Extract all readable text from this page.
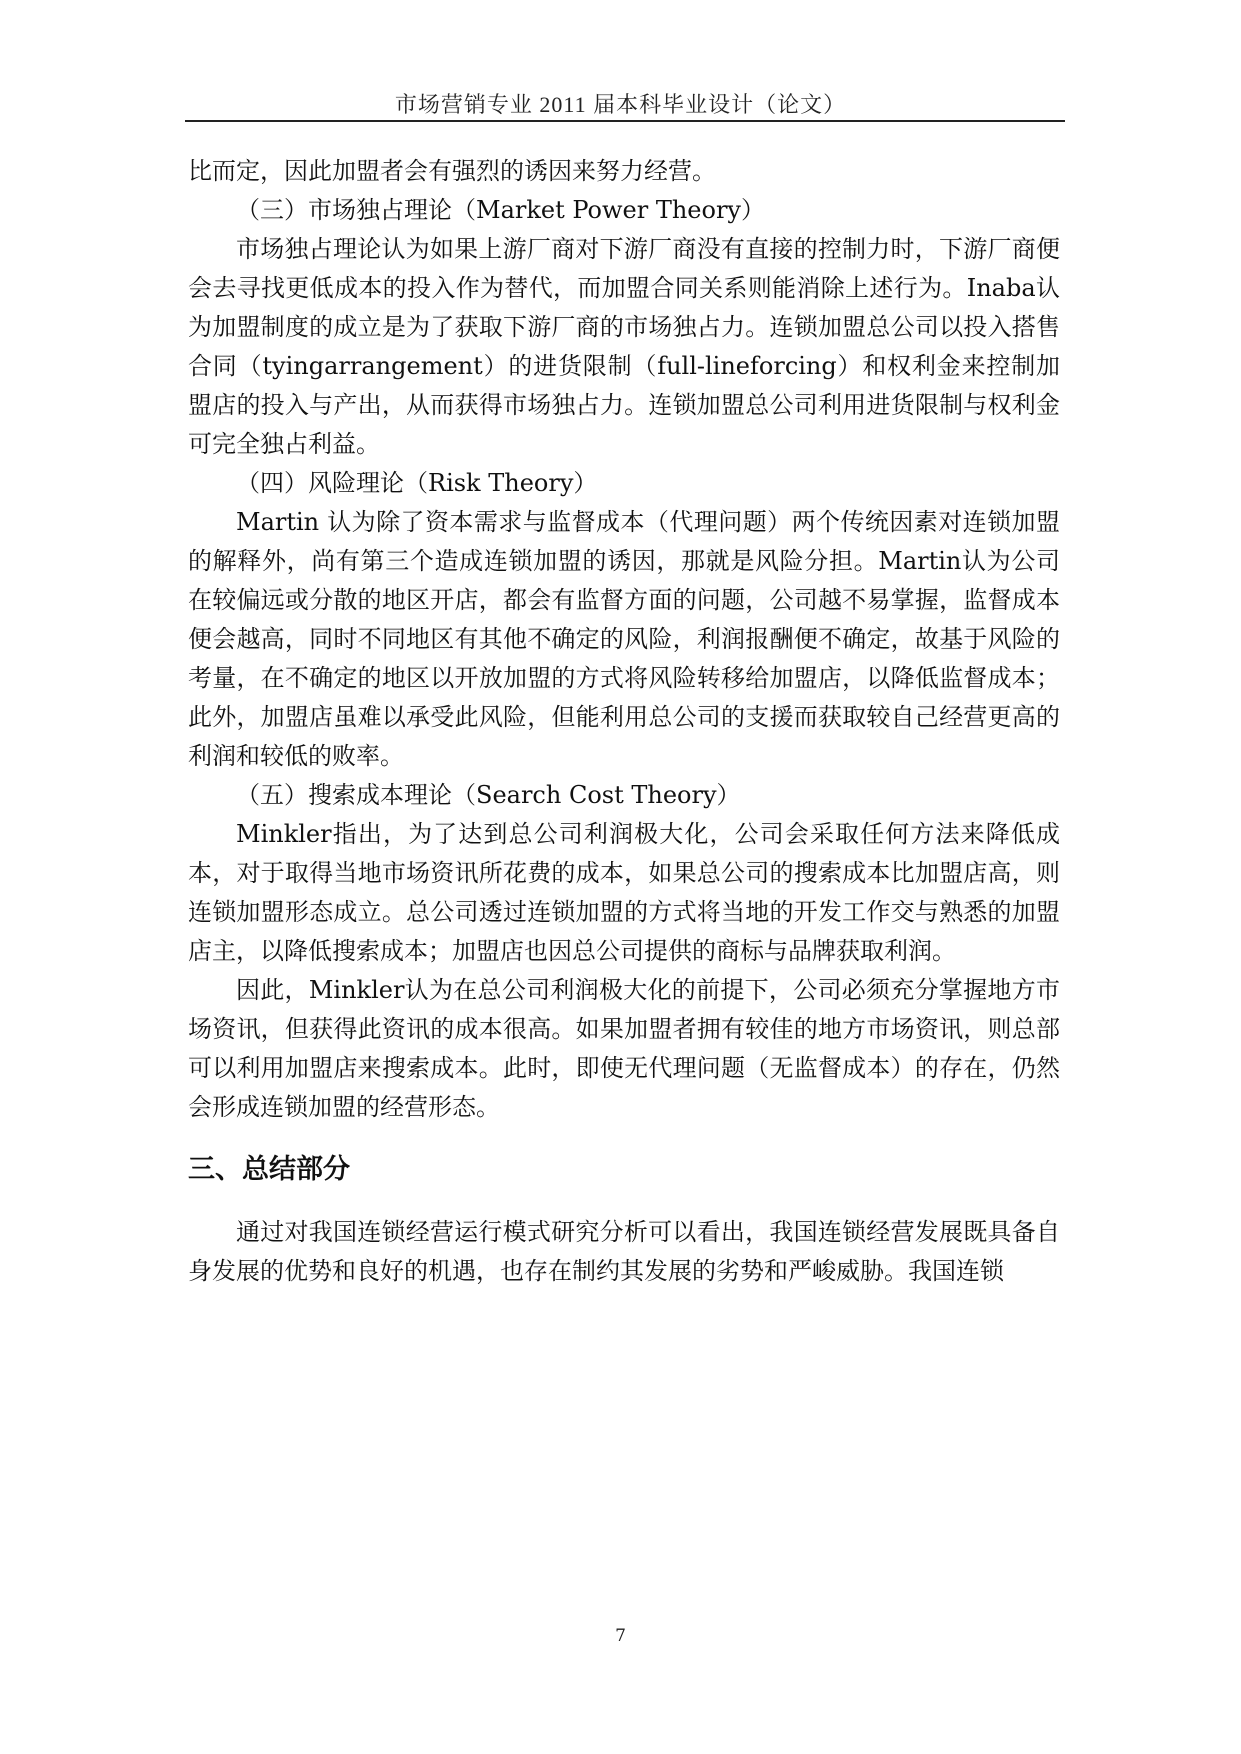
市场营销专业 2011 届本科毕业设计（论文）

比而定，因此加盟者会有强烈的诱因来努力经营。

（三）市场独占理论（Market Power Theory）

市场独占理论认为如果上游厂商对下游厂商没有直接的控制力时，下游厂商便会去寻找更低成本的投入作为替代，而加盟合同关系则能消除上述行为。Inaba认为加盟制度的成立是为了获取下游厂商的市场独占力。连锁加盟总公司以投入搭售合同（tyingarrangement）的进货限制（full-lineforcing）和权利金来控制加盟店的投入与产出，从而获得市场独占力。连锁加盟总公司利用进货限制与权利金可完全独占利益。

（四）风险理论（Risk Theory）

Martin 认为除了资本需求与监督成本（代理问题）两个传统因素对连锁加盟的解释外，尚有第三个造成连锁加盟的诱因，那就是风险分担。Martin认为公司在较偏远或分散的地区开店，都会有监督方面的问题，公司越不易掌握，监督成本便会越高，同时不同地区有其他不确定的风险，利润报酬便不确定，故基于风险的考量，在不确定的地区以开放加盟的方式将风险转移给加盟店，以降低监督成本；此外，加盟店虽难以承受此风险，但能利用总公司的支援而获取较自己经营更高的利润和较低的败率。

（五）搜索成本理论（Search Cost Theory）

Minkler指出，为了达到总公司利润极大化，公司会采取任何方法来降低成本，对于取得当地市场资讯所花费的成本，如果总公司的搜索成本比加盟店高，则连锁加盟形态成立。总公司透过连锁加盟的方式将当地的开发工作交与熟悉的加盟店主，以降低搜索成本；加盟店也因总公司提供的商标与品牌获取利润。

因此，Minkler认为在总公司利润极大化的前提下，公司必须充分掌握地方市场资讯，但获得此资讯的成本很高。如果加盟者拥有较佳的地方市场资讯，则总部可以利用加盟店来搜索成本。此时，即使无代理问题（无监督成本）的存在，仍然会形成连锁加盟的经营形态。

三、总结部分

通过对我国连锁经营运行模式研究分析可以看出，我国连锁经营发展既具备自身发展的优势和良好的机遇，也存在制约其发展的劣势和严峻威胁。我国连锁

7
